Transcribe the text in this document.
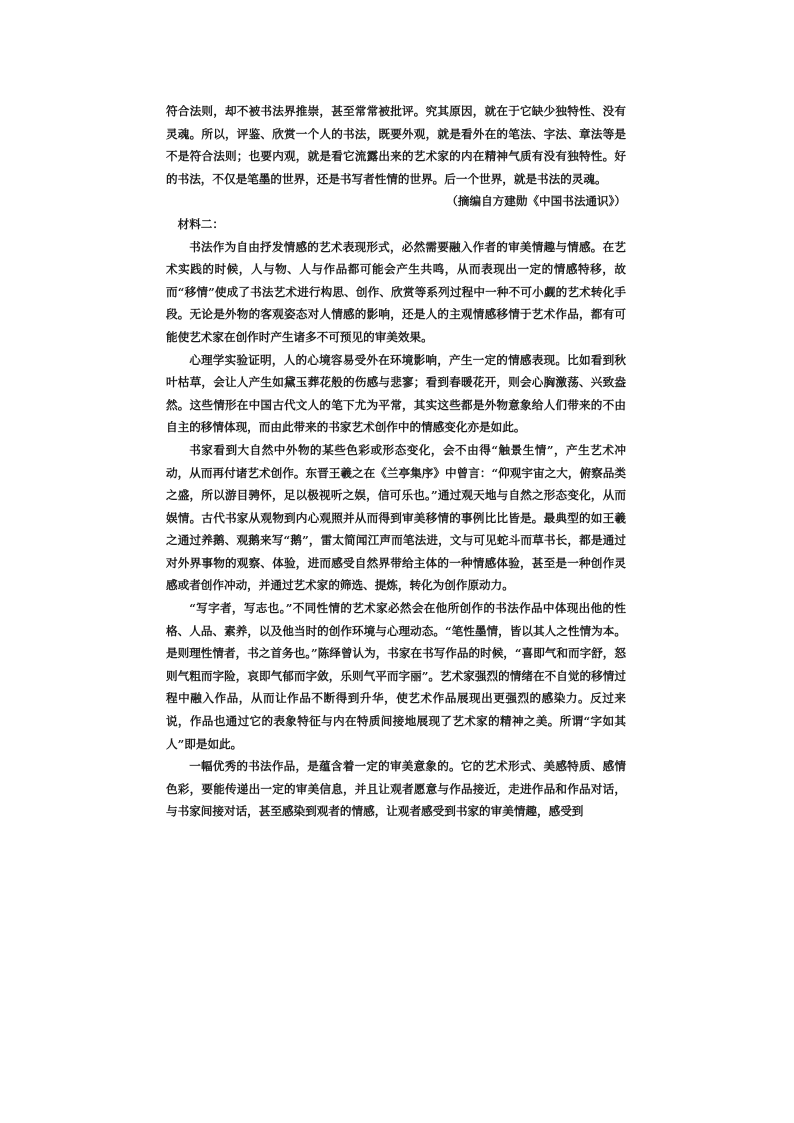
符合法则，却不被书法界推崇，甚至常常被批评。究其原因，就在于它缺少独特性、没有灵魂。所以，评鉴、欣赏一个人的书法，既要外观，就是看外在的笔法、字法、章法等是不是符合法则；也要内观，就是看它流露出来的艺术家的内在精神气质有没有独特性。好的书法，不仅是笔墨的世界，还是书写者性情的世界。后一个世界，就是书法的灵魂。

（摘编自方建勋《中国书法通识》）

材料二：

书法作为自由抒发情感的艺术表现形式，必然需要融入作者的审美情趣与情感。在艺术实践的时候，人与物、人与作品都可能会产生共鸣，从而表现出一定的情感特移，故而“移情”使成了书法艺术进行构思、创作、欣赏等系列过程中一种不可小觑的艺术转化手段。无论是外物的客观姿态对人情感的影响，还是人的主观情感移情于艺术作品，都有可能使艺术家在创作时产生诸多不可预见的审美效果。

心理学实验证明，人的心境容易受外在环境影响，产生一定的情感表现。比如看到秋叶枯草，会让人产生如黛玉葬花般的伤感与悲寥；看到春暖花开，则会心胸激荡、兴致盎然。这些情形在中国古代文人的笔下尤为平常，其实这些都是外物意象给人们带来的不由自主的移情体现，而由此带来的书家艺术创作中的情感变化亦是如此。

书家看到大自然中外物的某些色彩或形态变化，会不由得“触景生情”，产生艺术冲动，从而再付诸艺术创作。东晋王羲之在《兰亭集序》中曾言：“仰观宇宙之大，俯察品类之盛，所以游目骋怀，足以极视听之娱，信可乐也。”通过观天地与自然之形态变化，从而娱情。古代书家从观物到内心观照并从而得到审美移情的事例比比皆是。最典型的如王羲之通过养鹅、观鹅来写“鹅”，雷太简闻江声而笔法进，文与可见蛇斗而草书长，都是通过对外界事物的观察、体验，进而感受自然界带给主体的一种情感体验，甚至是一种创作灵感或者创作冲动，并通过艺术家的筛选、提炼，转化为创作原动力。

“写字者，写志也。”不同性情的艺术家必然会在他所创作的书法作品中体现出他的性格、人品、素养，以及他当时的创作环境与心理动态。“笔性墨情，皆以其人之性情为本。是则理性情者，书之首务也。”陈绎曾认为，书家在书写作品的时候，“喜即气和而字舒，怒则气粗而字险，哀即气郁而字敛，乐则气平而字丽”。艺术家强烈的情绪在不自觉的移情过程中融入作品，从而让作品不断得到升华，使艺术作品展现出更强烈的感染力。反过来说，作品也通过它的表象特征与内在特质间接地展现了艺术家的精神之美。所谓“字如其人”即是如此。

一幅优秀的书法作品，是蕴含着一定的审美意象的。它的艺术形式、美感特质、感情色彩，要能传递出一定的审美信息，并且让观者愿意与作品接近，走进作品和作品对话，与书家间接对话，甚至感染到观者的情感，让观者感受到书家的审美情趣，感受到
